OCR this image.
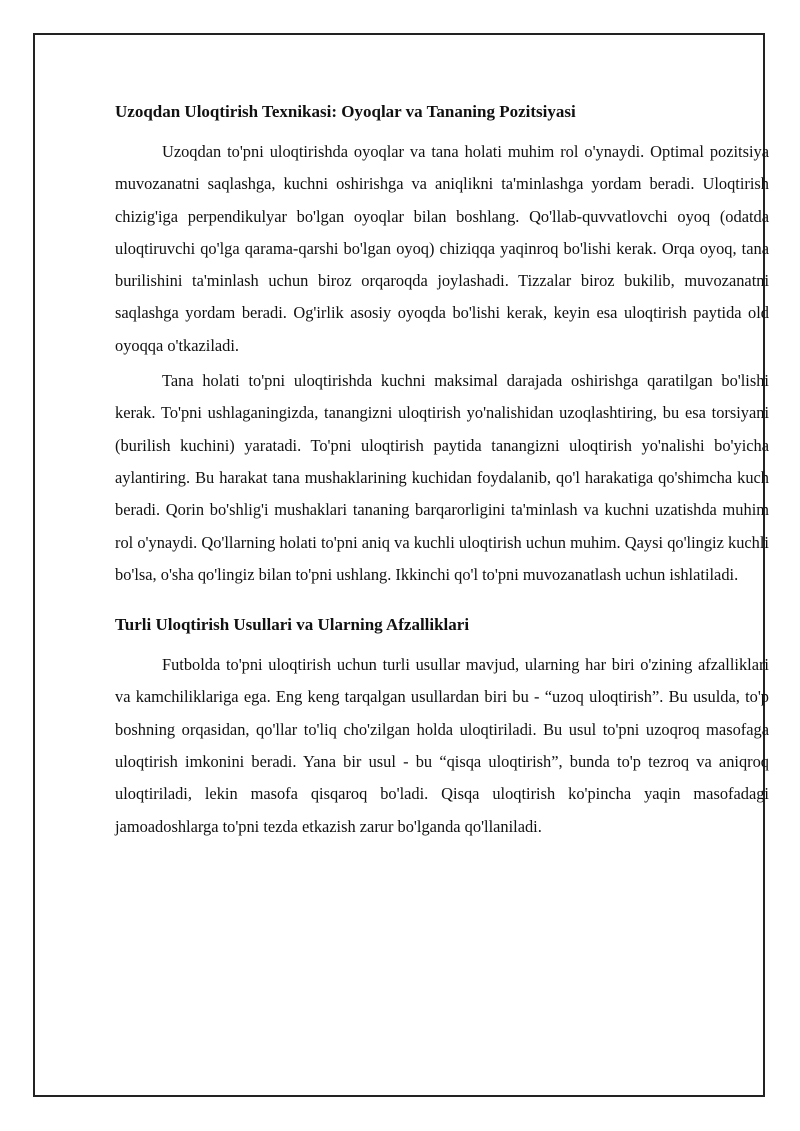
Uzoqdan Uloqtirish Texnikasi: Oyoqlar va Tananing Pozitsiyasi

Uzoqdan to'pni uloqtirishda oyoqlar va tana holati muhim rol o'ynaydi. Optimal pozitsiya muvozanatni saqlashga, kuchni oshirishga va aniqlikni ta'minlashga yordam beradi. Uloqtirish chizig'iga perpendikulyar bo'lgan oyoqlar bilan boshlang. Qo'llab-quvvatlovchi oyoq (odatda uloqtiruvchi qo'lga qarama-qarshi bo'lgan oyoq) chiziqqa yaqinroq bo'lishi kerak. Orqa oyoq, tana burilishini ta'minlash uchun biroz orqaroqda joylashadi. Tizzalar biroz bukilib, muvozanatni saqlashga yordam beradi. Og'irlik asosiy oyoqda bo'lishi kerak, keyin esa uloqtirish paytida old oyoqqa o'tkaziladi.

Tana holati to'pni uloqtirishda kuchni maksimal darajada oshirishga qaratilgan bo'lishi kerak. To'pni ushlaganingizda, tanangizni uloqtirish yo'nalishidan uzoqlashtiring, bu esa torsiyani (burilish kuchini) yaratadi. To'pni uloqtirish paytida tanangizni uloqtirish yo'nalishi bo'yicha aylantiring. Bu harakat tana mushaklarining kuchidan foydalanib, qo'l harakatiga qo'shimcha kuch beradi. Qorin bo'shlig'i mushaklari tananing barqarorligini ta'minlash va kuchni uzatishda muhim rol o'ynaydi. Qo'llarning holati to'pni aniq va kuchli uloqtirish uchun muhim. Qaysi qo'lingiz kuchli bo'lsa, o'sha qo'lingiz bilan to'pni ushlang. Ikkinchi qo'l to'pni muvozanatlash uchun ishlatiladi.

Turli Uloqtirish Usullari va Ularning Afzalliklari

Futbolda to'pni uloqtirish uchun turli usullar mavjud, ularning har biri o'zining afzalliklari va kamchiliklariga ega. Eng keng tarqalgan usullardan biri bu - “uzoq uloqtirish”. Bu usulda, to'p boshning orqasidan, qo'llar to'liq cho'zilgan holda uloqtiriladi. Bu usul to'pni uzoqroq masofaga uloqtirish imkonini beradi. Yana bir usul - bu “qisqa uloqtirish”, bunda to'p tezroq va aniqroq uloqtiriladi, lekin masofa qisqaroq bo'ladi. Qisqa uloqtirish ko'pincha yaqin masofadagi jamoadoshlarga to'pni tezda etkazish zarur bo'lganda qo'llaniladi.
